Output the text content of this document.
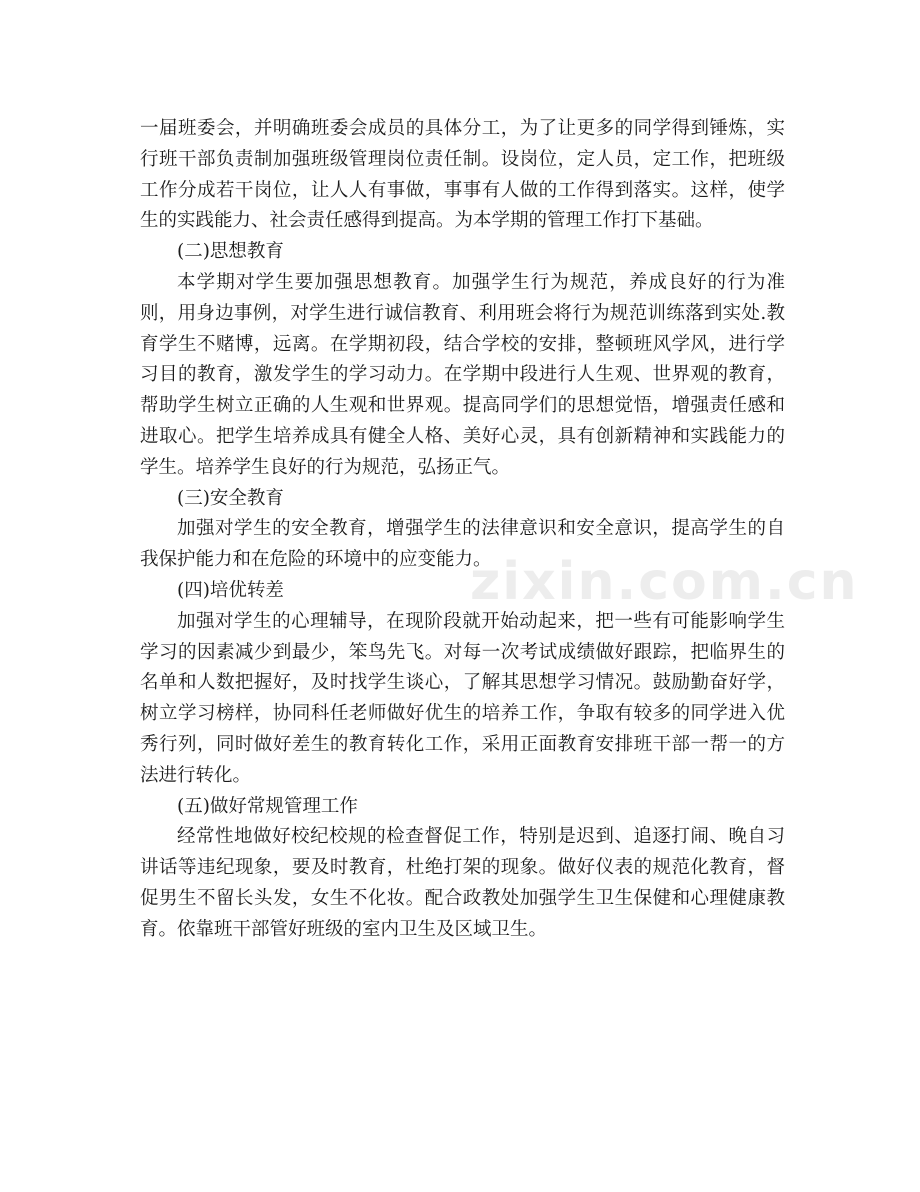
一届班委会，并明确班委会成员的具体分工，为了让更多的同学得到锤炼，实行班干部负责制加强班级管理岗位责任制。设岗位，定人员，定工作，把班级工作分成若干岗位，让人人有事做，事事有人做的工作得到落实。这样，使学生的实践能力、社会责任感得到提高。为本学期的管理工作打下基础。

(二)思想教育

本学期对学生要加强思想教育。加强学生行为规范，养成良好的行为准则，用身边事例，对学生进行诚信教育、利用班会将行为规范训练落到实处.教育学生不赌博，远离。在学期初段，结合学校的安排，整顿班风学风，进行学习目的教育，激发学生的学习动力。在学期中段进行人生观、世界观的教育，帮助学生树立正确的人生观和世界观。提高同学们的思想觉悟，增强责任感和进取心。把学生培养成具有健全人格、美好心灵，具有创新精神和实践能力的学生。培养学生良好的行为规范，弘扬正气。

(三)安全教育

加强对学生的安全教育，增强学生的法律意识和安全意识，提高学生的自我保护能力和在危险的环境中的应变能力。

(四)培优转差

加强对学生的心理辅导，在现阶段就开始动起来，把一些有可能影响学生学习的因素减少到最少，笨鸟先飞。对每一次考试成绩做好跟踪，把临界生的名单和人数把握好，及时找学生谈心，了解其思想学习情况。鼓励勤奋好学，树立学习榜样，协同科任老师做好优生的培养工作，争取有较多的同学进入优秀行列，同时做好差生的教育转化工作，采用正面教育安排班干部一帮一的方法进行转化。

(五)做好常规管理工作

经常性地做好校纪校规的检查督促工作，特别是迟到、追逐打闹、晚自习讲话等违纪现象，要及时教育，杜绝打架的现象。做好仪表的规范化教育，督促男生不留长头发，女生不化妆。配合政教处加强学生卫生保健和心理健康教育。依靠班干部管好班级的室内卫生及区域卫生。

zixin.com.cn
